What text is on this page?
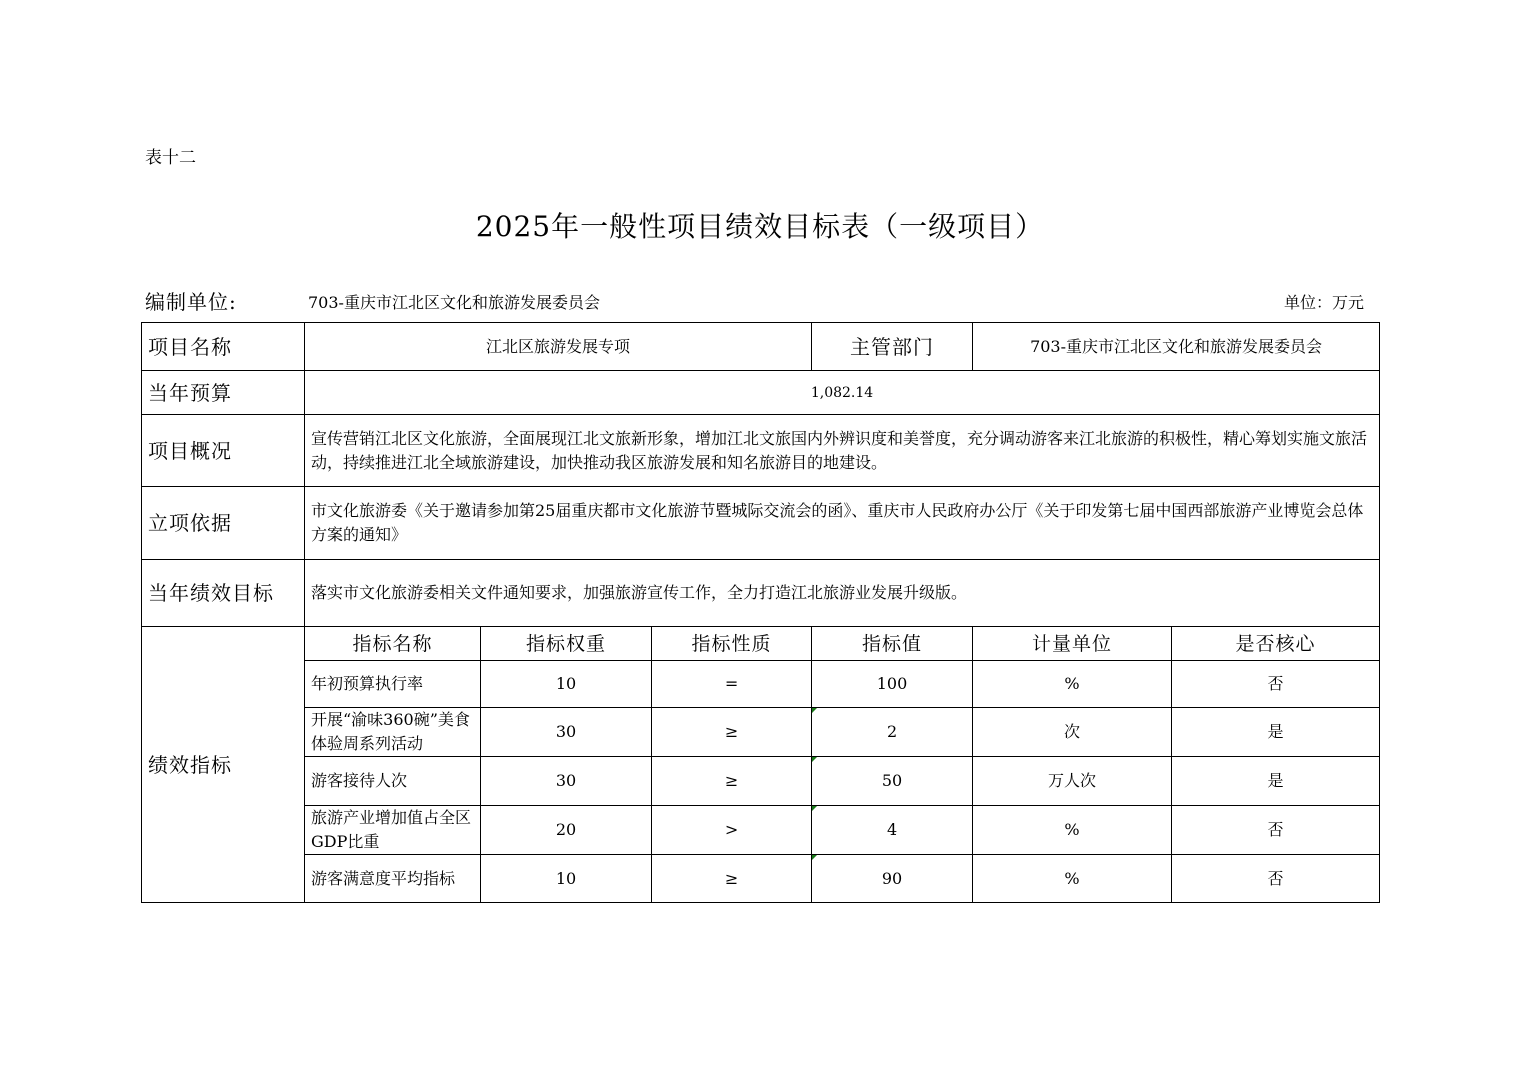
表十二
2025年一般性项目绩效目标表（一级项目）
编制单位:	703-重庆市江北区文化和旅游发展委员会	单位：万元
项目名称	江北区旅游发展专项			主管部门	703-重庆市江北区文化和旅游发展委员会	
当年预算	1,082.14					
项目概况	宣传营销江北区文化旅游，全面展现江北文旅新形象，增加江北文旅国内外辨识度和美誉度，充分调动游客来江北旅游的积极性，精心筹划实施文旅活动，持续推进江北全域旅游建设，加快推动我区旅游发展和知名旅游目的地建设。					
立项依据	市文化旅游委《关于邀请参加第25届重庆都市文化旅游节暨城际交流会的函》、重庆市人民政府办公厅《关于印发第七届中国西部旅游产业博览会总体方案的通知》					
当年绩效目标	落实市文化旅游委相关文件通知要求，加强旅游宣传工作，全力打造江北旅游业发展升级版。					
绩效指标	指标名称	指标权重	指标性质	指标值	计量单位	是否核心
	年初预算执行率	10	=	100	%	否
	开展“渝味360碗”美食体验周系列活动	30	≥	2	次	是
	游客接待人次	30	≥	50	万人次	是
	旅游产业增加值占全区GDP比重	20	>	4	%	否
	游客满意度平均指标	10	≥	90	%	否
